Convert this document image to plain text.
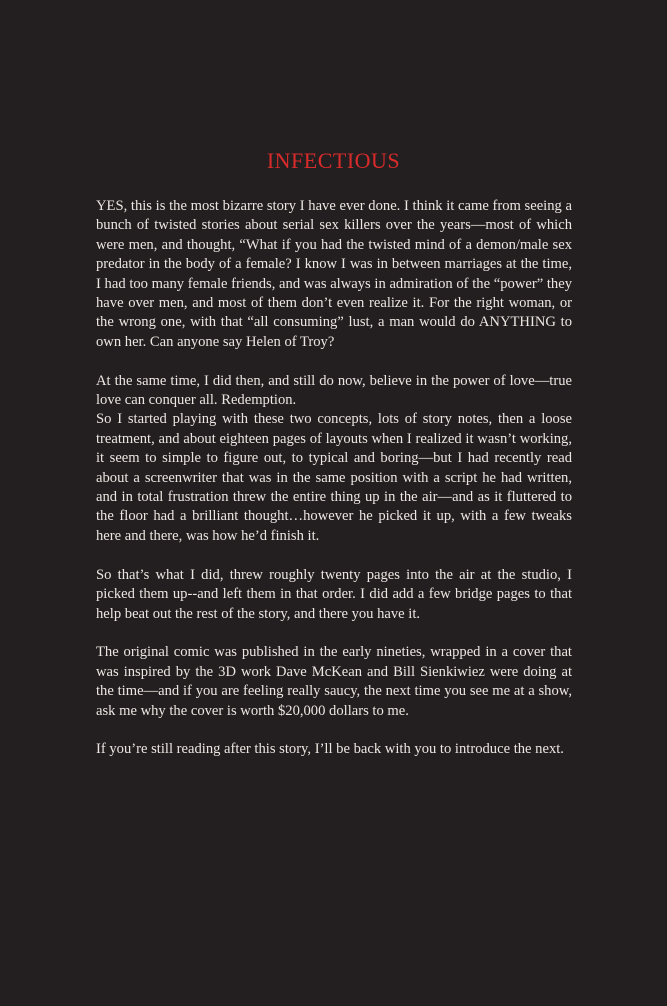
INFECTIOUS

YES, this is the most bizarre story I have ever done. I think it came from seeing a bunch of twisted stories about serial sex killers over the years—most of which were men, and thought, “What if you had the twisted mind of a demon/male sex predator in the body of a female? I know I was in between marriages at the time, I had too many female friends, and was always in admiration of the “power” they have over men, and most of them don’t even realize it. For the right woman, or the wrong one, with that “all consuming” lust, a man would do ANYTHING to own her. Can anyone say Helen of Troy?

At the same time, I did then, and still do now, believe in the power of love—true love can conquer all. Redemption.

So I started playing with these two concepts, lots of story notes, then a loose treatment, and about eighteen pages of layouts when I realized it wasn’t working, it seem to simple to figure out, to typical and boring—but I had recently read about a screenwriter that was in the same position with a script he had written, and in total frustration threw the entire thing up in the air—and as it fluttered to the floor had a brilliant thought…however he picked it up, with a few tweaks here and there, was how he’d finish it.

So that’s what I did, threw roughly twenty pages into the air at the studio, I picked them up--and left them in that order. I did add a few bridge pages to that help beat out the rest of the story, and there you have it.

The original comic was published in the early nineties, wrapped in a cover that was inspired by the 3D work Dave McKean and Bill Sienkiwiez were doing at the time—and if you are feeling really saucy, the next time you see me at a show, ask me why the cover is worth $20,000 dollars to me.

If you’re still reading after this story, I’ll be back with you to introduce the next.
